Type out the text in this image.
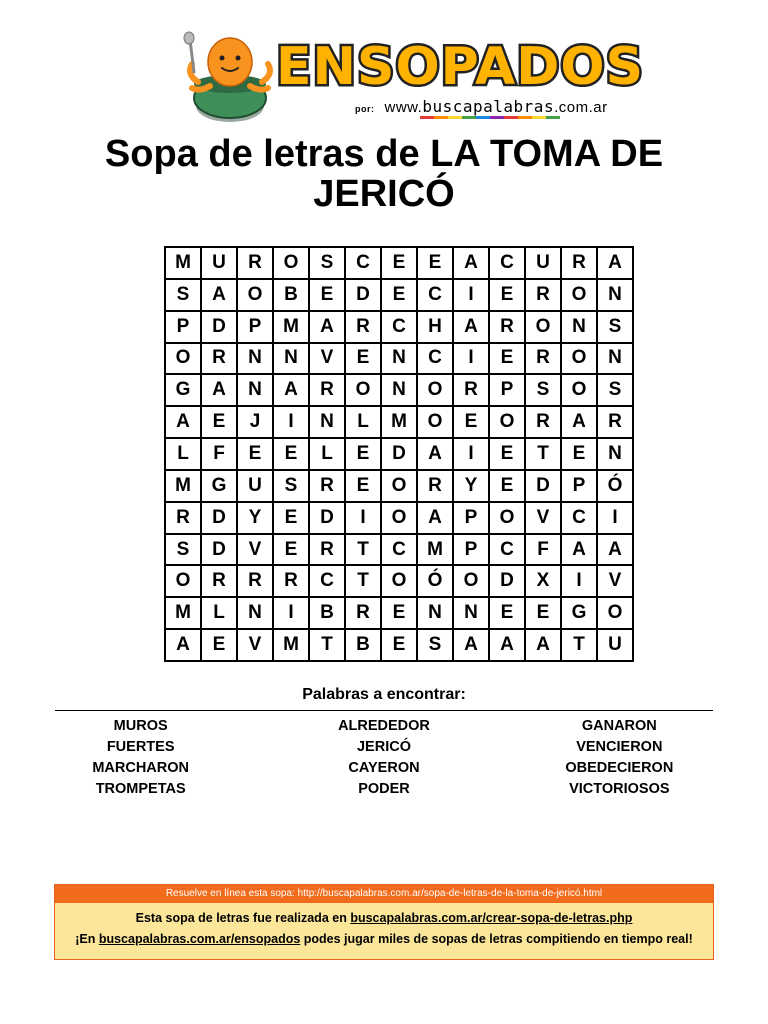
ENSOPADOS
por: www.buscapalabras.com.ar
Sopa de letras de LA TOMA DE JERICÓ
M	U	R	O	S	C	E	E	A	C	U	R	A
S	A	O	B	E	D	E	C	I	E	R	O	N
P	D	P	M	A	R	C	H	A	R	O	N	S
O	R	N	N	V	E	N	C	I	E	R	O	N
G	A	N	A	R	O	N	O	R	P	S	O	S
A	E	J	I	N	L	M	O	E	O	R	A	R
L	F	E	E	L	E	D	A	I	E	T	E	N
M	G	U	S	R	E	O	R	Y	E	D	P	Ó
R	D	Y	E	D	I	O	A	P	O	V	C	I
S	D	V	E	R	T	C	M	P	C	F	A	A
O	R	R	R	C	T	O	Ó	O	D	X	I	V
M	L	N	I	B	R	E	N	N	E	E	G	O
A	E	V	M	T	B	E	S	A	A	A	T	U
Palabras a encontrar:
MUROS	ALREDEDOR	GANARON
FUERTES	JERICÓ	VENCIERON
MARCHARON	CAYERON	OBEDECIERON
TROMPETAS	PODER	VICTORIOSOS
Resuelve en línea esta sopa: http://buscapalabras.com.ar/sopa-de-letras-de-la-toma-de-jericó.html
Esta sopa de letras fue realizada en buscapalabras.com.ar/crear-sopa-de-letras.php
¡En buscapalabras.com.ar/ensopados podes jugar miles de sopas de letras compitiendo en tiempo real!
